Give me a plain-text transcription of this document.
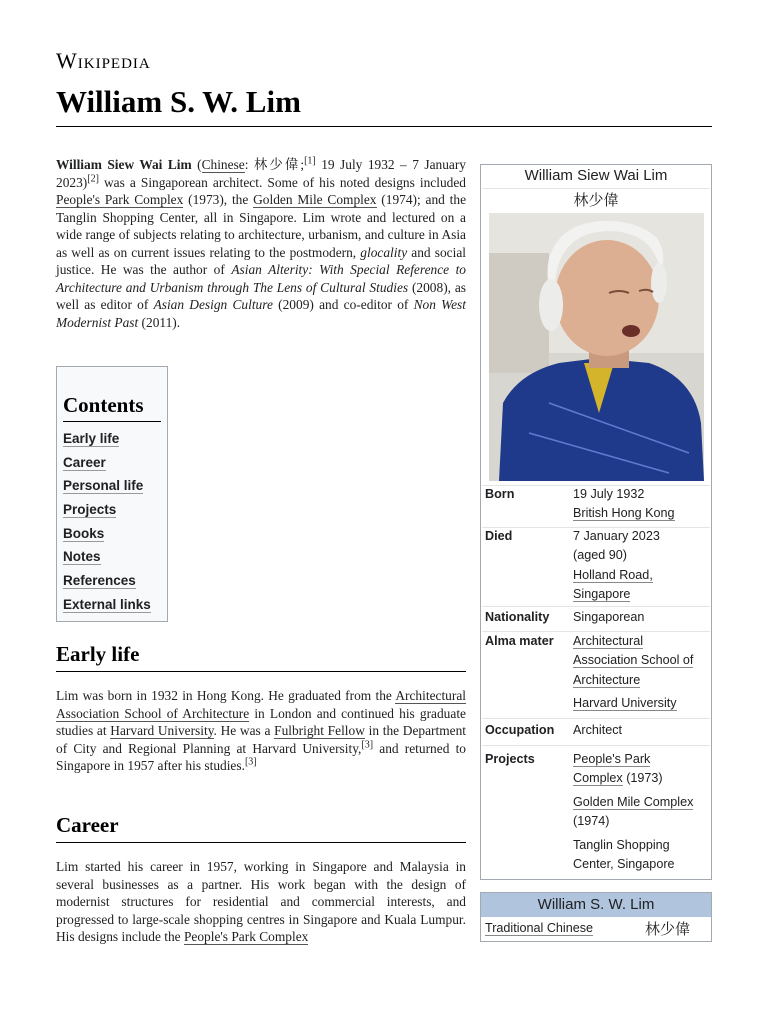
Wikipedia
William S. W. Lim

William Siew Wai Lim (Chinese: 林少偉;[1] 19 July 1932 – 7 January 2023)[2] was a Singaporean architect. Some of his noted designs included People's Park Complex (1973), the Golden Mile Complex (1974); and the Tanglin Shopping Center, all in Singapore. Lim wrote and lectured on a wide range of subjects relating to architecture, urbanism, and culture in Asia as well as on current issues relating to the postmodern, glocality and social justice. He was the author of Asian Alterity: With Special Reference to Architecture and Urbanism through The Lens of Cultural Studies (2008), as well as editor of Asian Design Culture (2009) and co-editor of Non West Modernist Past (2011).

Contents
Early life
Career
Personal life
Projects
Books
Notes
References
External links
Early life

Lim was born in 1932 in Hong Kong. He graduated from the Architectural Association School of Architecture in London and continued his graduate studies at Harvard University. He was a Fulbright Fellow in the Department of City and Regional Planning at Harvard University,[3] and returned to Singapore in 1957 after his studies.[3]

Career

Lim started his career in 1957, working in Singapore and Malaysia in several businesses as a partner. His work began with the design of modernist structures for residential and commercial interests, and progressed to large-scale shopping centres in Singapore and Kuala Lumpur. His designs include the People's Park Complex

William Siew Wai Lim
林少偉
Born	19 July 1932
British Hong Kong
Died	7 January 2023
(aged 90)
Holland Road,
Singapore
Nationality	Singaporean
Alma mater	Architectural
Association School of
Architecture
Harvard University
Occupation	Architect
Projects	People's Park
Complex (1973)
Golden Mile Complex
(1974)
Tanglin Shopping
Center, Singapore
William S. W. Lim
Traditional Chinese	林少偉
